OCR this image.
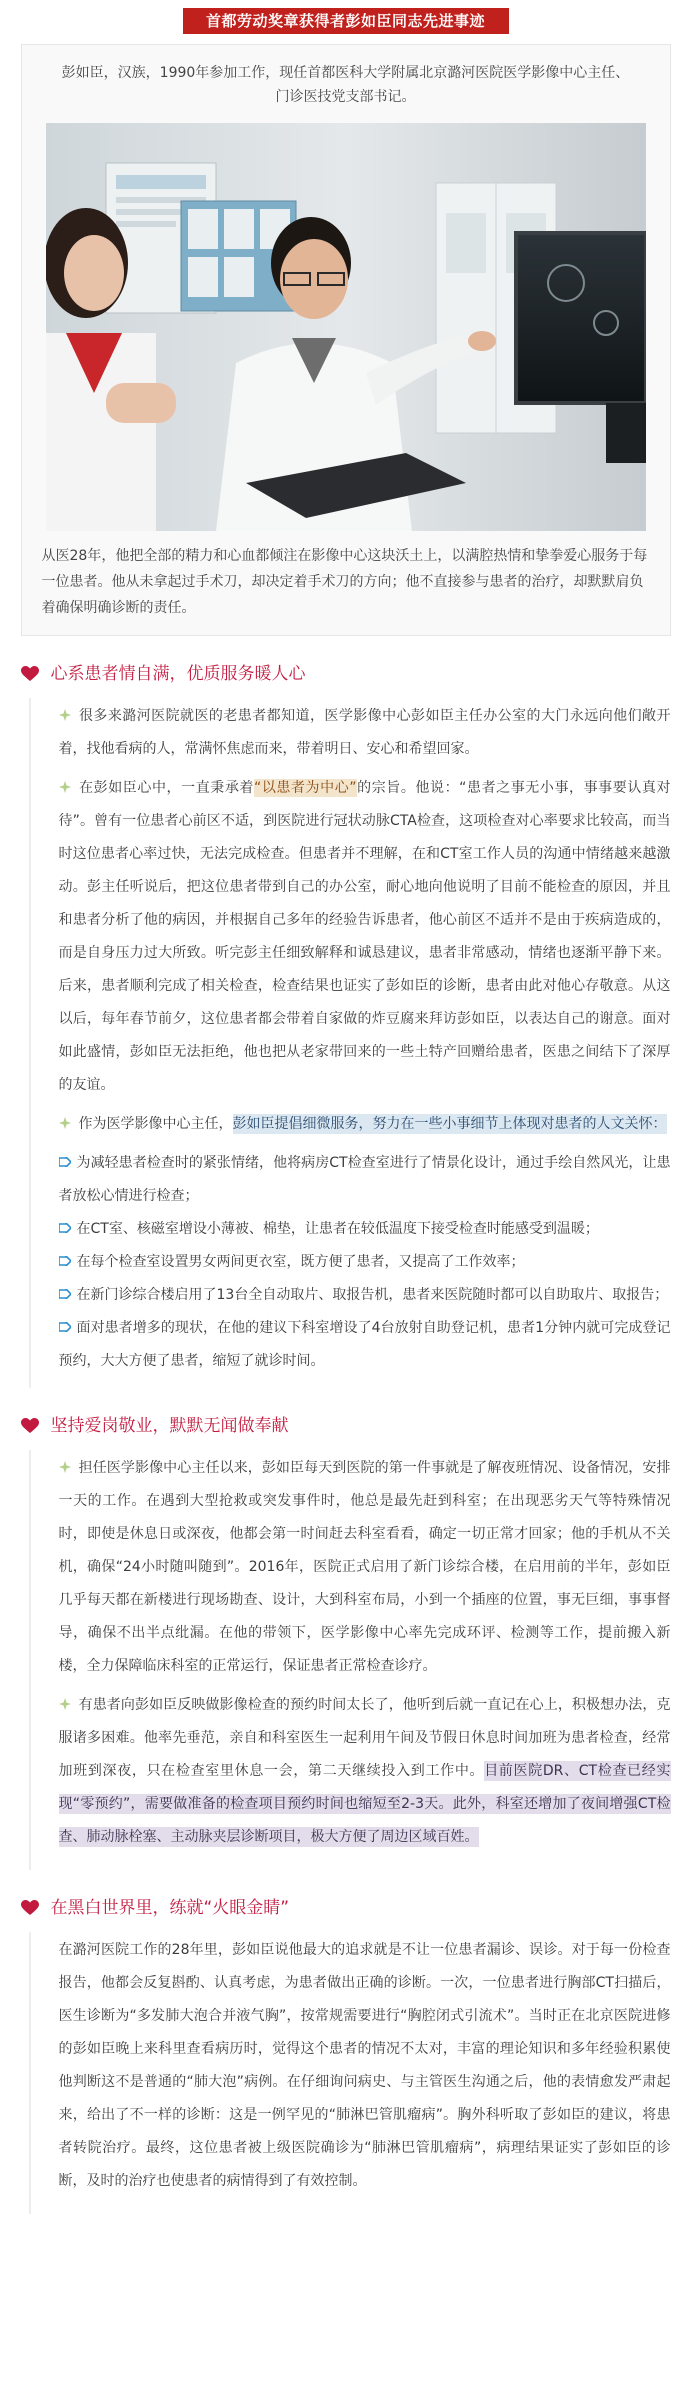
首都劳动奖章获得者彭如臣同志先进事迹

彭如臣，汉族，1990年参加工作，现任首都医科大学附属北京潞河医院医学影像中心主任、门诊医技党支部书记。

从医28年，他把全部的精力和心血都倾注在影像中心这块沃土上，以满腔热情和挚拳爱心服务于每一位患者。他从未拿起过手术刀，却决定着手术刀的方向；他不直接参与患者的治疗，却默默肩负着确保明确诊断的责任。

心系患者情自满，优质服务暖人心

很多来潞河医院就医的老患者都知道，医学影像中心彭如臣主任办公室的大门永远向他们敞开着，找他看病的人，常满怀焦虑而来，带着明日、安心和希望回家。

在彭如臣心中，一直秉承着“以患者为中心”的宗旨。他说：“患者之事无小事，事事要认真对待”。曾有一位患者心前区不适，到医院进行冠状动脉CTA检查，这项检查对心率要求比较高，而当时这位患者心率过快，无法完成检查。但患者并不理解，在和CT室工作人员的沟通中情绪越来越激动。彭主任听说后，把这位患者带到自己的办公室，耐心地向他说明了目前不能检查的原因，并且和患者分析了他的病因，并根据自己多年的经验告诉患者，他心前区不适并不是由于疾病造成的，而是自身压力过大所致。听完彭主任细致解释和诚恳建议，患者非常感动，情绪也逐渐平静下来。后来，患者顺利完成了相关检查，检查结果也证实了彭如臣的诊断，患者由此对他心存敬意。从这以后，每年春节前夕，这位患者都会带着自家做的炸豆腐来拜访彭如臣，以表达自己的谢意。面对如此盛情，彭如臣无法拒绝，他也把从老家带回来的一些土特产回赠给患者，医患之间结下了深厚的友谊。

作为医学影像中心主任，彭如臣提倡细微服务，努力在一些小事细节上体现对患者的人文关怀：

为减轻患者检查时的紧张情绪，他将病房CT检查室进行了情景化设计，通过手绘自然风光，让患者放松心情进行检查；

在CT室、核磁室增设小薄被、棉垫，让患者在较低温度下接受检查时能感受到温暖；

在每个检查室设置男女两间更衣室，既方便了患者，又提高了工作效率；

在新门诊综合楼启用了13台全自动取片、取报告机，患者来医院随时都可以自助取片、取报告；

面对患者增多的现状，在他的建议下科室增设了4台放射自助登记机，患者1分钟内就可完成登记预约，大大方便了患者，缩短了就诊时间。

坚持爱岗敬业，默默无闻做奉献

担任医学影像中心主任以来，彭如臣每天到医院的第一件事就是了解夜班情况、设备情况，安排一天的工作。在遇到大型抢救或突发事件时，他总是最先赶到科室；在出现恶劣天气等特殊情况时，即使是休息日或深夜，他都会第一时间赶去科室看看，确定一切正常才回家；他的手机从不关机，确保“24小时随叫随到”。2016年，医院正式启用了新门诊综合楼，在启用前的半年，彭如臣几乎每天都在新楼进行现场勘查、设计，大到科室布局，小到一个插座的位置，事无巨细，事事督导，确保不出半点纰漏。在他的带领下，医学影像中心率先完成环评、检测等工作，提前搬入新楼，全力保障临床科室的正常运行，保证患者正常检查诊疗。

有患者向彭如臣反映做影像检查的预约时间太长了，他听到后就一直记在心上，积极想办法，克服诸多困难。他率先垂范，亲自和科室医生一起利用午间及节假日休息时间加班为患者检查，经常加班到深夜，只在检查室里休息一会，第二天继续投入到工作中。目前医院DR、CT检查已经实现“零预约”，需要做准备的检查项目预约时间也缩短至2-3天。此外，科室还增加了夜间增强CT检查、肺动脉栓塞、主动脉夹层诊断项目，极大方便了周边区域百姓。

在黑白世界里，练就“火眼金睛”

在潞河医院工作的28年里，彭如臣说他最大的追求就是不让一位患者漏诊、误诊。对于每一份检查报告，他都会反复斟酌、认真考虑，为患者做出正确的诊断。一次，一位患者进行胸部CT扫描后，医生诊断为“多发肺大泡合并液气胸”，按常规需要进行“胸腔闭式引流术”。当时正在北京医院进修的彭如臣晚上来科里查看病历时，觉得这个患者的情况不太对，丰富的理论知识和多年经验积累使他判断这不是普通的“肺大泡”病例。在仔细询问病史、与主管医生沟通之后，他的表情愈发严肃起来，给出了不一样的诊断：这是一例罕见的“肺淋巴管肌瘤病”。胸外科听取了彭如臣的建议，将患者转院治疗。最终，这位患者被上级医院确诊为“肺淋巴管肌瘤病”，病理结果证实了彭如臣的诊断，及时的治疗也使患者的病情得到了有效控制。
